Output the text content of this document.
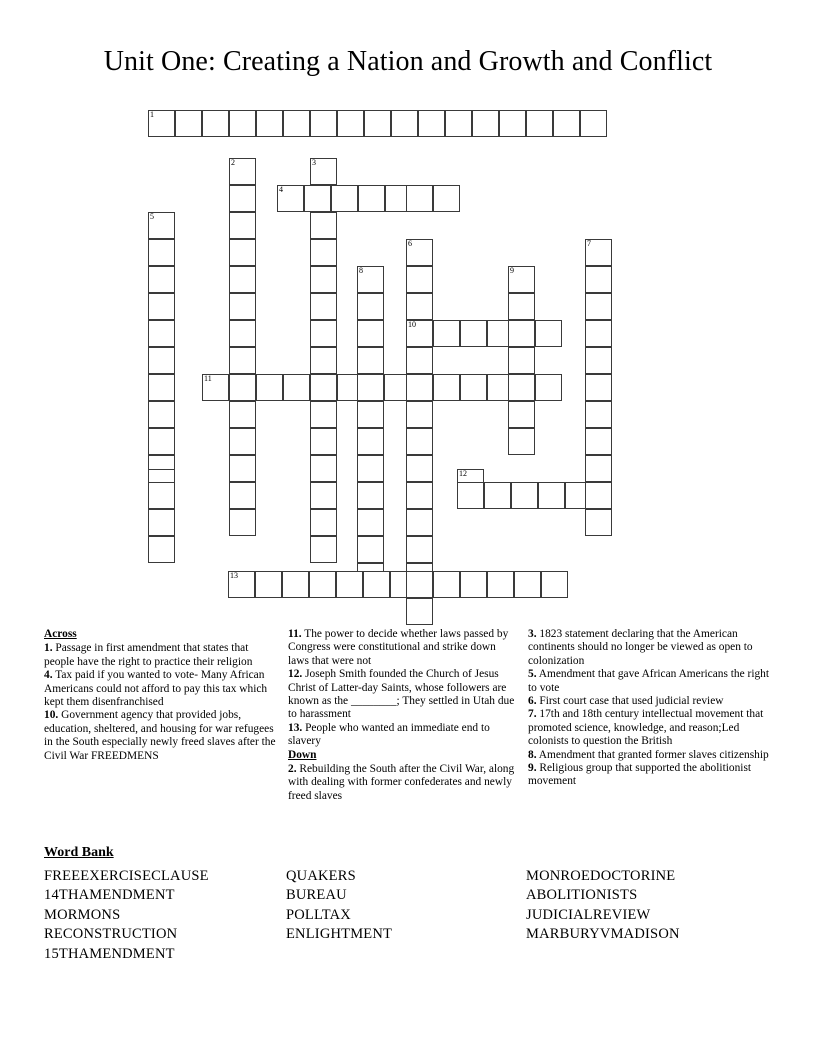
Unit One: Creating a Nation and Growth and Conflict
1
2	3
4
5
6	7
8	9
10
11
12
13
Across
1. Passage in first amendment that states that people have the right to practice their religion
4. Tax paid if you wanted to vote- Many African Americans could not afford to pay this tax which kept them disenfranchised
10. Government agency that provided jobs, education, sheltered, and housing for war refugees in the South especially newly freed slaves after the Civil War FREEDMENS
11. The power to decide whether laws passed by Congress were constitutional and strike down laws that were not
12. Joseph Smith founded the Church of Jesus Christ of Latter-day Saints, whose followers are known as the ________; They settled in Utah due to harassment
13. People who wanted an immediate end to slavery
Down
2. Rebuilding the South after the Civil War, along with dealing with former confederates and newly freed slaves
3. 1823 statement declaring that the American continents should no longer be viewed as open to colonization
5. Amendment that gave African Americans the right to vote
6. First court case that used judicial review
7. 17th and 18th century intellectual movement that promoted science, knowledge, and reason;Led colonists to question the British
8. Amendment that granted former slaves citizenship
9. Religious group that supported the abolitionist movement
Word Bank
FREEEXERCISECLAUSE
14THAMENDMENT
MORMONS
RECONSTRUCTION
15THAMENDMENT
QUAKERS
BUREAU
POLLTAX
ENLIGHTMENT
MONROEDOCTORINE
ABOLITIONISTS
JUDICIALREVIEW
MARBURYVMADISON
